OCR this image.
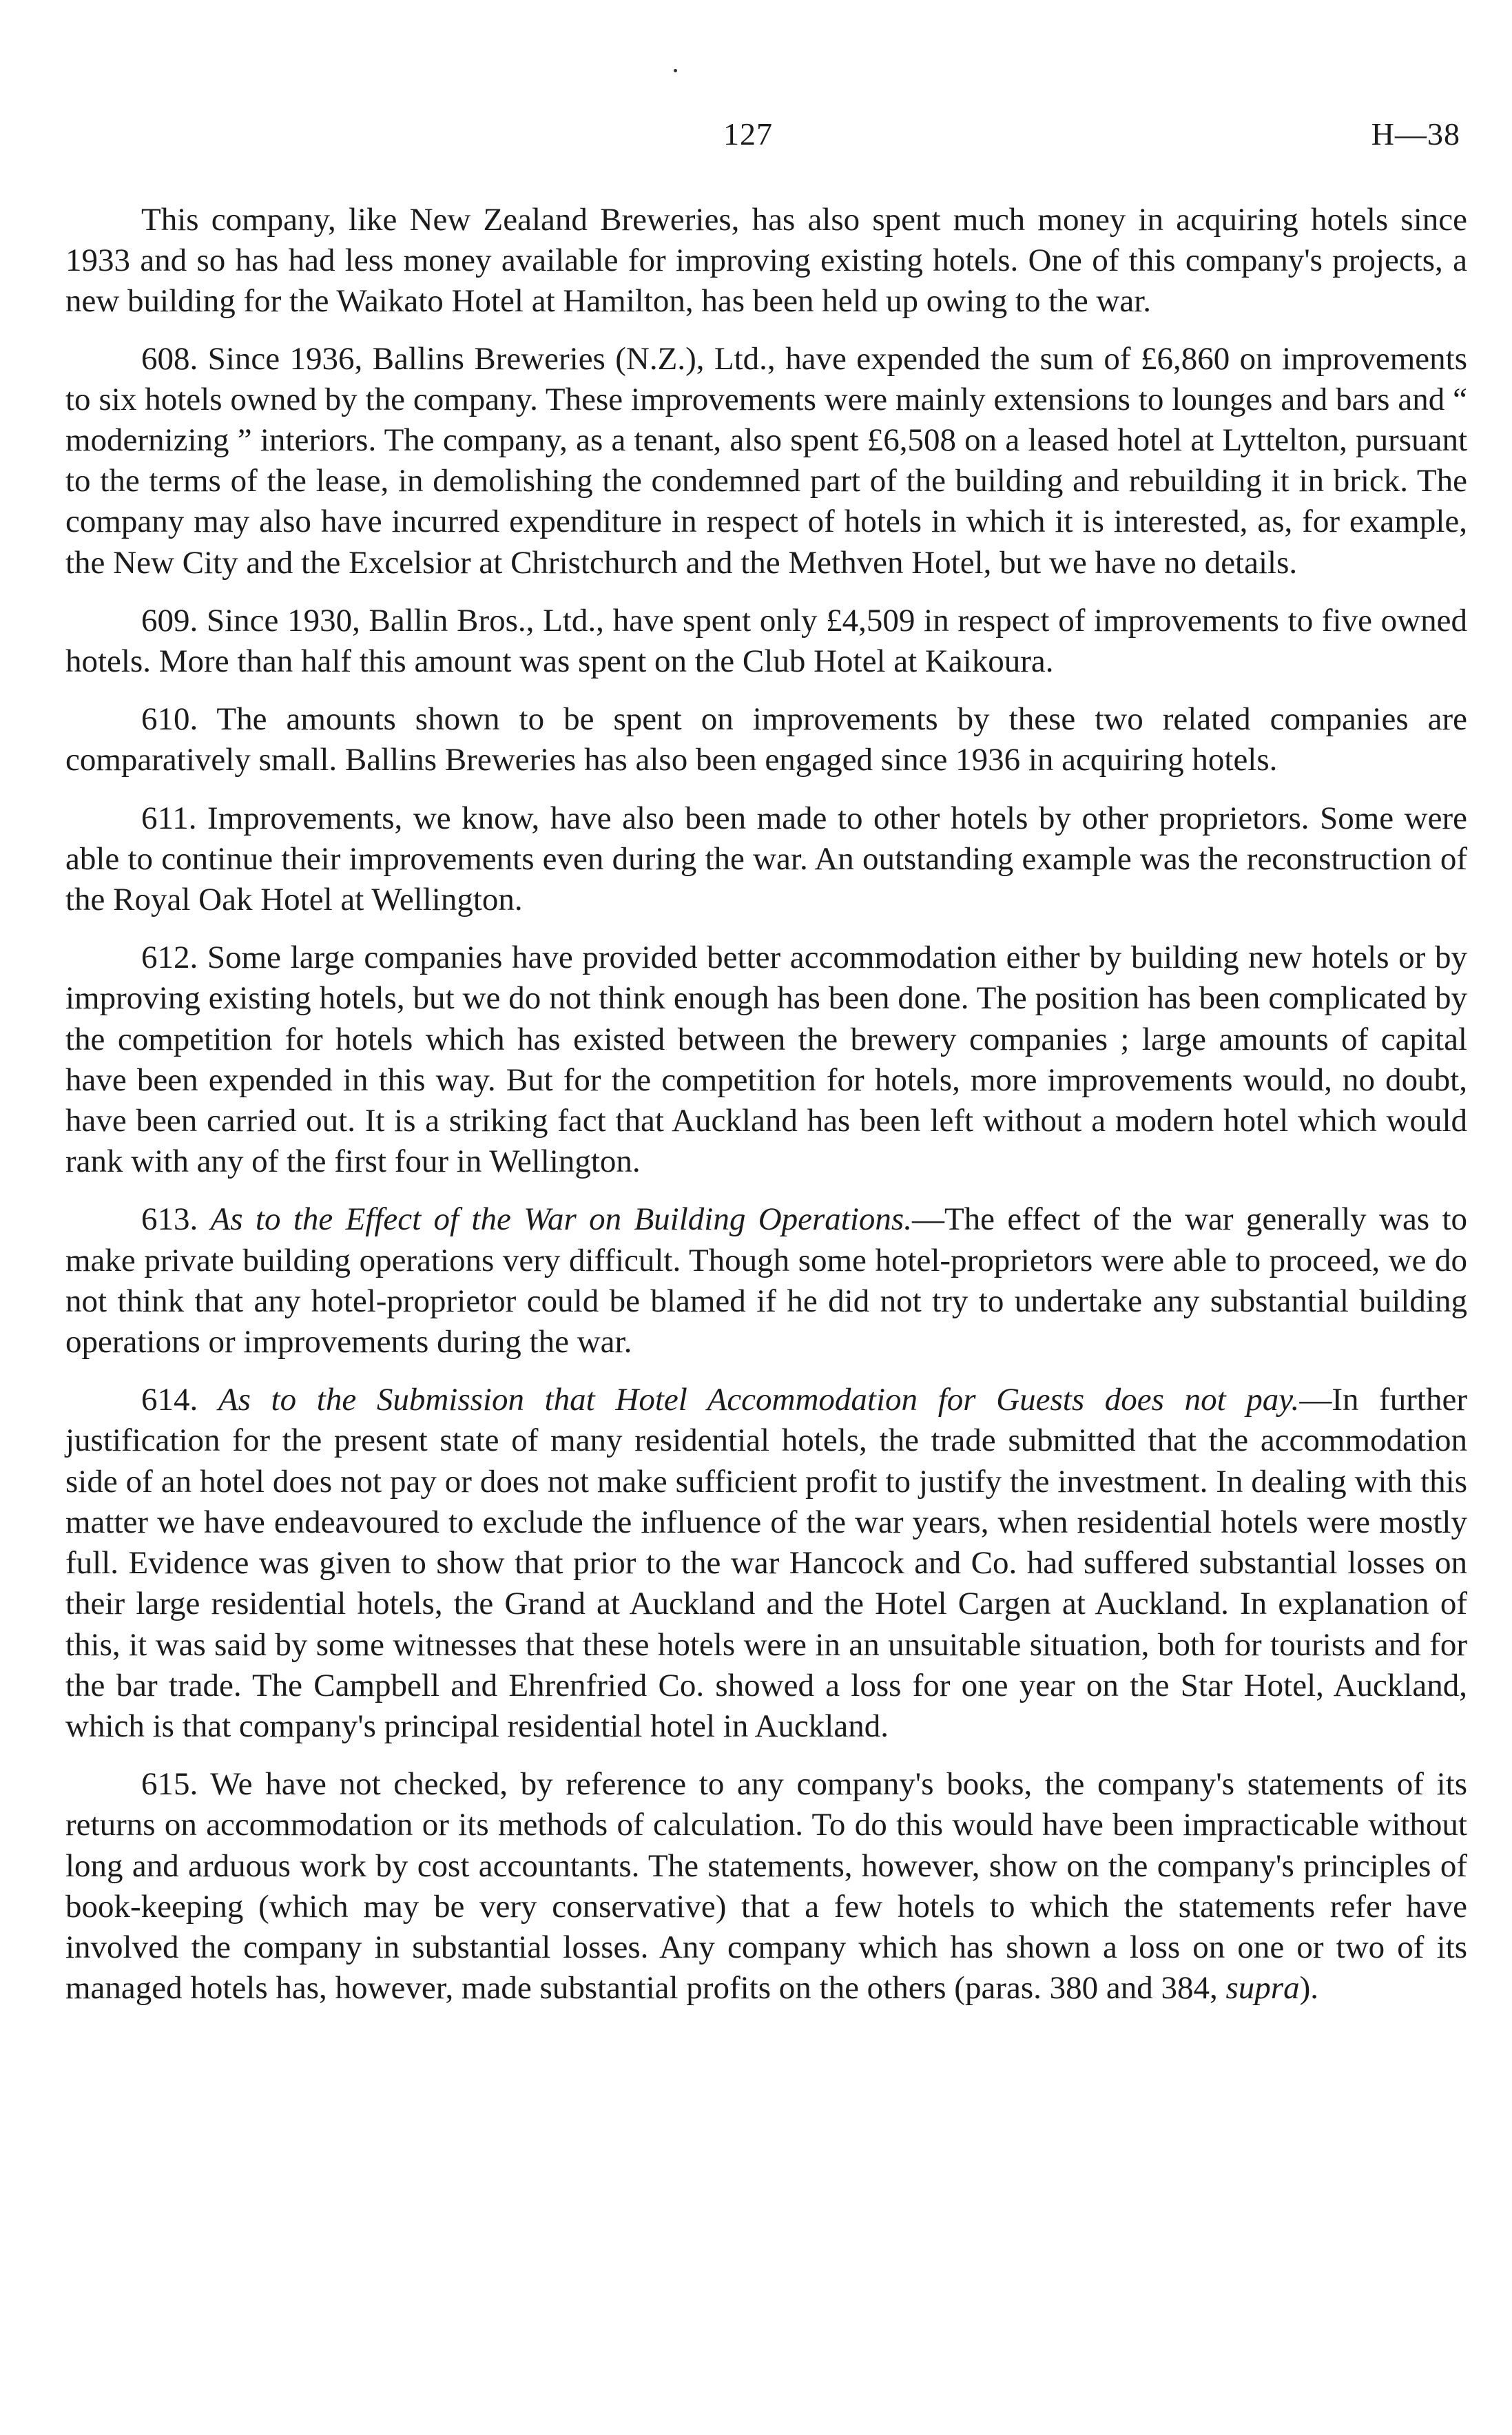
127	H—38

This company, like New Zealand Breweries, has also spent much money in acquiring hotels since 1933 and so has had less money available for improving existing hotels. One of this company's projects, a new building for the Waikato Hotel at Hamilton, has been held up owing to the war.

608. Since 1936, Ballins Breweries (N.Z.), Ltd., have expended the sum of £6,860 on improvements to six hotels owned by the company. These improvements were mainly extensions to lounges and bars and “ modernizing ” interiors. The company, as a tenant, also spent £6,508 on a leased hotel at Lyttelton, pursuant to the terms of the lease, in demolishing the condemned part of the building and rebuilding it in brick. The company may also have incurred expenditure in respect of hotels in which it is interested, as, for example, the New City and the Excelsior at Christchurch and the Methven Hotel, but we have no details.

609. Since 1930, Ballin Bros., Ltd., have spent only £4,509 in respect of improvements to five owned hotels. More than half this amount was spent on the Club Hotel at Kaikoura.

610. The amounts shown to be spent on improvements by these two related companies are comparatively small. Ballins Breweries has also been engaged since 1936 in acquiring hotels.

611. Improvements, we know, have also been made to other hotels by other proprietors. Some were able to continue their improvements even during the war. An outstanding example was the reconstruction of the Royal Oak Hotel at Wellington.

612. Some large companies have provided better accommodation either by building new hotels or by improving existing hotels, but we do not think enough has been done. The position has been complicated by the competition for hotels which has existed between the brewery companies ; large amounts of capital have been expended in this way. But for the competition for hotels, more improvements would, no doubt, have been carried out. It is a striking fact that Auckland has been left without a modern hotel which would rank with any of the first four in Wellington.

613. As to the Effect of the War on Building Operations.—The effect of the war generally was to make private building operations very difficult. Though some hotel-proprietors were able to proceed, we do not think that any hotel-proprietor could be blamed if he did not try to undertake any substantial building operations or improvements during the war.

614. As to the Submission that Hotel Accommodation for Guests does not pay.—In further justification for the present state of many residential hotels, the trade submitted that the accommodation side of an hotel does not pay or does not make sufficient profit to justify the investment. In dealing with this matter we have endeavoured to exclude the influence of the war years, when residential hotels were mostly full. Evidence was given to show that prior to the war Hancock and Co. had suffered substantial losses on their large residential hotels, the Grand at Auckland and the Hotel Cargen at Auckland. In explanation of this, it was said by some witnesses that these hotels were in an unsuitable situation, both for tourists and for the bar trade. The Campbell and Ehrenfried Co. showed a loss for one year on the Star Hotel, Auckland, which is that company's principal residential hotel in Auckland.

615. We have not checked, by reference to any company's books, the company's statements of its returns on accommodation or its methods of calculation. To do this would have been impracticable without long and arduous work by cost accountants. The statements, however, show on the company's principles of book-keeping (which may be very conservative) that a few hotels to which the statements refer have involved the company in substantial losses. Any company which has shown a loss on one or two of its managed hotels has, however, made substantial profits on the others (paras. 380 and 384, supra).
